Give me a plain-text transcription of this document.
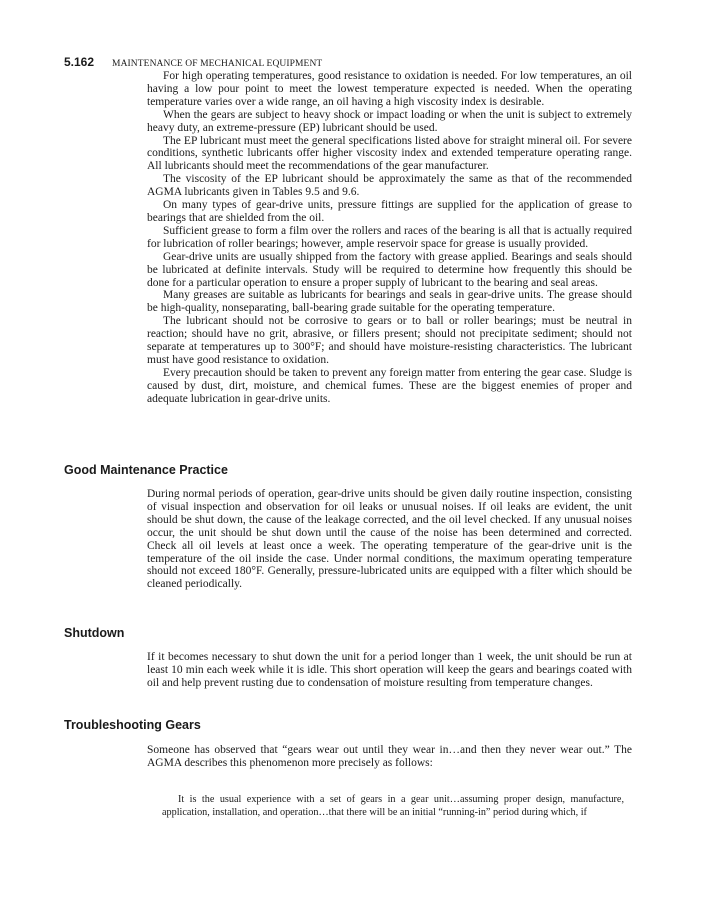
5.162 MAINTENANCE OF MECHANICAL EQUIPMENT

For high operating temperatures, good resistance to oxidation is needed. For low temperatures, an oil having a low pour point to meet the lowest temperature expected is needed. When the operating temperature varies over a wide range, an oil having a high viscosity index is desirable.

When the gears are subject to heavy shock or impact loading or when the unit is subject to extremely heavy duty, an extreme-pressure (EP) lubricant should be used.

The EP lubricant must meet the general specifications listed above for straight mineral oil. For severe conditions, synthetic lubricants offer higher viscosity index and extended temperature operating range. All lubricants should meet the recommendations of the gear manufacturer.

The viscosity of the EP lubricant should be approximately the same as that of the recommended AGMA lubricants given in Tables 9.5 and 9.6.

On many types of gear-drive units, pressure fittings are supplied for the application of grease to bearings that are shielded from the oil.

Sufficient grease to form a film over the rollers and races of the bearing is all that is actually required for lubrication of roller bearings; however, ample reservoir space for grease is usually provided.

Gear-drive units are usually shipped from the factory with grease applied. Bearings and seals should be lubricated at definite intervals. Study will be required to determine how frequently this should be done for a particular operation to ensure a proper supply of lubricant to the bearing and seal areas.

Many greases are suitable as lubricants for bearings and seals in gear-drive units. The grease should be high-quality, nonseparating, ball-bearing grade suitable for the operating temperature.

The lubricant should not be corrosive to gears or to ball or roller bearings; must be neutral in reaction; should have no grit, abrasive, or fillers present; should not precipitate sediment; should not separate at temperatures up to 300°F; and should have moisture-resisting characteristics. The lubricant must have good resistance to oxidation.

Every precaution should be taken to prevent any foreign matter from entering the gear case. Sludge is caused by dust, dirt, moisture, and chemical fumes. These are the biggest enemies of proper and adequate lubrication in gear-drive units.

Good Maintenance Practice

During normal periods of operation, gear-drive units should be given daily routine inspection, consisting of visual inspection and observation for oil leaks or unusual noises. If oil leaks are evident, the unit should be shut down, the cause of the leakage corrected, and the oil level checked. If any unusual noises occur, the unit should be shut down until the cause of the noise has been determined and corrected. Check all oil levels at least once a week. The operating temperature of the gear-drive unit is the temperature of the oil inside the case. Under normal conditions, the maximum operating temperature should not exceed 180°F. Generally, pressure-lubricated units are equipped with a filter which should be cleaned periodically.

Shutdown

If it becomes necessary to shut down the unit for a period longer than 1 week, the unit should be run at least 10 min each week while it is idle. This short operation will keep the gears and bearings coated with oil and help prevent rusting due to condensation of moisture resulting from temperature changes.

Troubleshooting Gears

Someone has observed that “gears wear out until they wear in…and then they never wear out.” The AGMA describes this phenomenon more precisely as follows:

It is the usual experience with a set of gears in a gear unit…assuming proper design, manufacture, application, installation, and operation…that there will be an initial “running-in” period during which, if
